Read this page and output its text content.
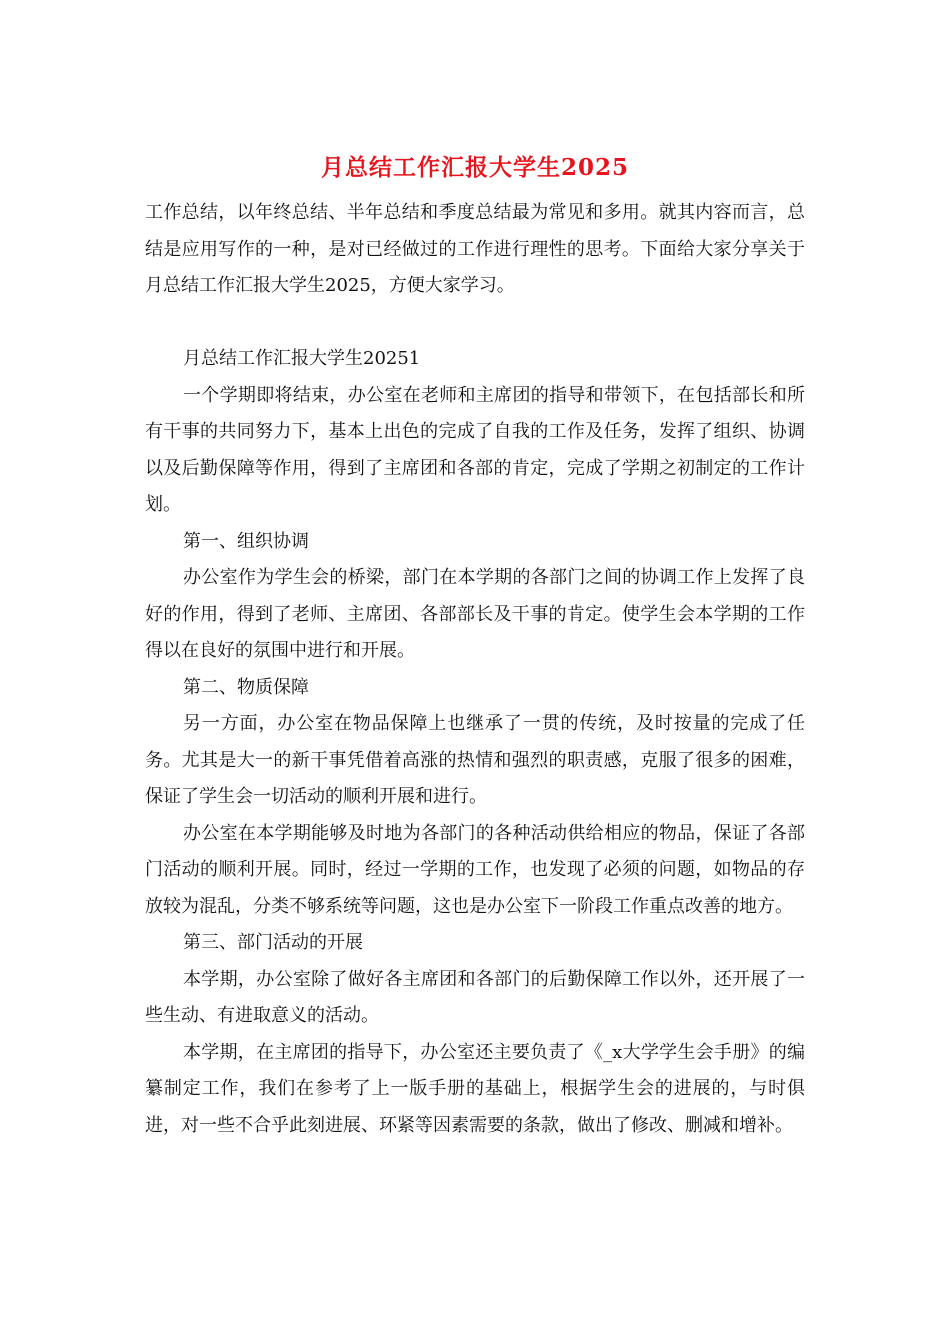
月总结工作汇报大学生2025

工作总结，以年终总结、半年总结和季度总结最为常见和多用。就其内容而言，总结是应用写作的一种，是对已经做过的工作进行理性的思考。下面给大家分享关于月总结工作汇报大学生2025，方便大家学习。

月总结工作汇报大学生20251

一个学期即将结束，办公室在老师和主席团的指导和带领下，在包括部长和所有干事的共同努力下，基本上出色的完成了自我的工作及任务，发挥了组织、协调以及后勤保障等作用，得到了主席团和各部的肯定，完成了学期之初制定的工作计划。

第一、组织协调

办公室作为学生会的桥梁，部门在本学期的各部门之间的协调工作上发挥了良好的作用，得到了老师、主席团、各部部长及干事的肯定。使学生会本学期的工作得以在良好的氛围中进行和开展。

第二、物质保障

另一方面，办公室在物品保障上也继承了一贯的传统，及时按量的完成了任务。尤其是大一的新干事凭借着高涨的热情和强烈的职责感，克服了很多的困难，保证了学生会一切活动的顺利开展和进行。

办公室在本学期能够及时地为各部门的各种活动供给相应的物品，保证了各部门活动的顺利开展。同时，经过一学期的工作，也发现了必须的问题，如物品的存放较为混乱，分类不够系统等问题，这也是办公室下一阶段工作重点改善的地方。

第三、部门活动的开展

本学期，办公室除了做好各主席团和各部门的后勤保障工作以外，还开展了一些生动、有进取意义的活动。

本学期，在主席团的指导下，办公室还主要负责了《_x大学学生会手册》的编纂制定工作，我们在参考了上一版手册的基础上，根据学生会的进展的，与时俱进，对一些不合乎此刻进展、环紧等因素需要的条款，做出了修改、删减和增补。
